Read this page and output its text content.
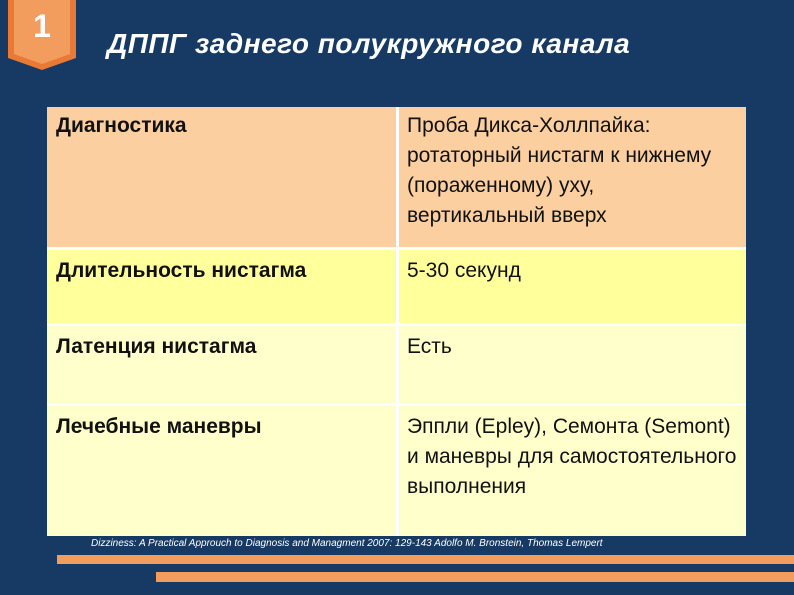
1	ДППГ заднего полукружного канала
Диагностика	Проба Дикса-Холлпайка: ротаторный нистагм к нижнему (пораженному) уху, вертикальный вверх
Длительность нистагма	5-30 секунд
Латенция нистагма	Есть
Лечебные маневры	Эппли (Epley), Семонта (Semont) и маневры для самостоятельного выполнения
Dizziness: A Practical Approuch to Diagnosis and Managment 2007: 129-143 Adolfo M. Bronstein, Thomas Lempert
